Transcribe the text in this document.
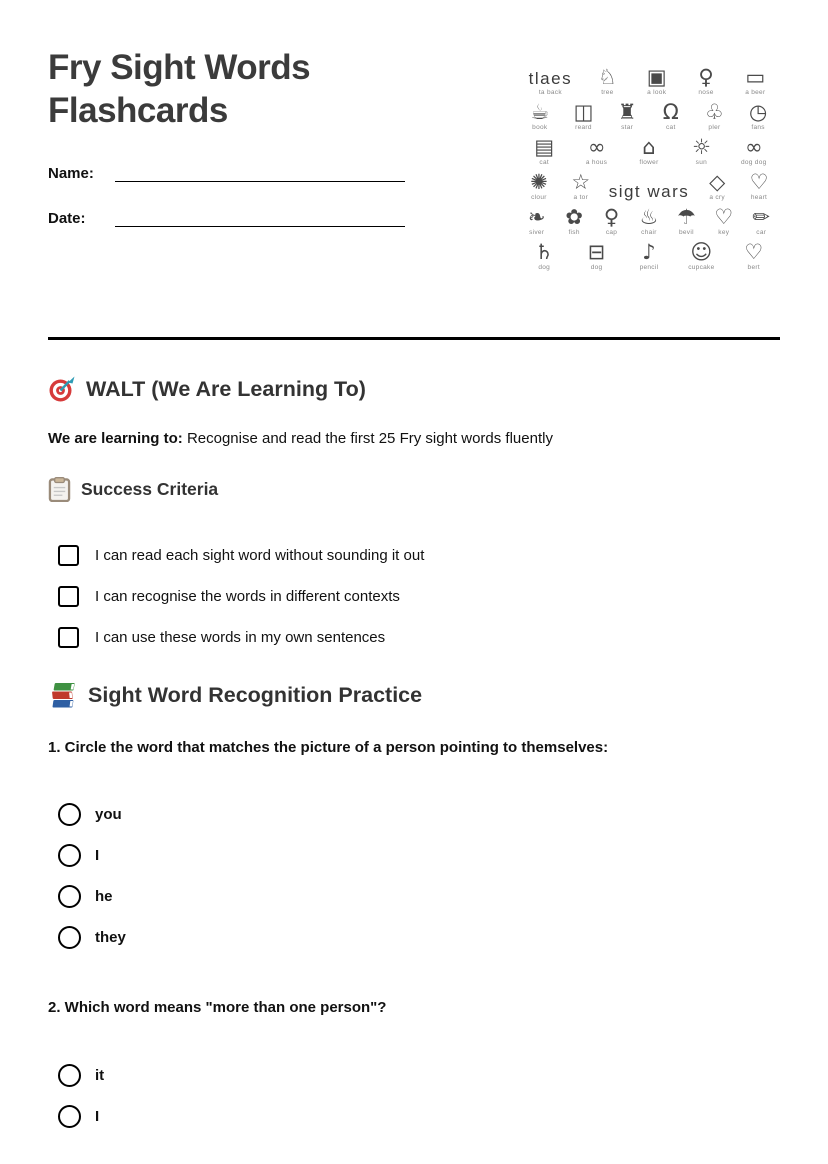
Fry Sight Words Flashcards
Name:
Date:
tlaes
ta back
♘
tree
▣
a look
♀
nose
▭
a beer
☕
book
◫
reard
♜
star
Ω
cat
♧
pler
◷
fans
▤
cat
∞
a hous
⌂
flower
☼
sun
∞
dog dog
✺
clour
☆
a tor sigt wars ◇
a cry
♡
heart
❧
siver
✿
fish
♀
cap
♨
chair
☂
bevil
♡
key
✏
car
♄
dog
⊟
dog
♪
pencil
☺
cupcake
♡
bert
WALT (We Are Learning To)

We are learning to: Recognise and read the first 25 Fry sight words fluently

Success Criteria
I can read each sight word without sounding it out
I can recognise the words in different contexts
I can use these words in my own sentences
Sight Word Recognition Practice

1. Circle the word that matches the picture of a person pointing to themselves:

you
I
he
they

2. Which word means "more than one person"?

it
I
